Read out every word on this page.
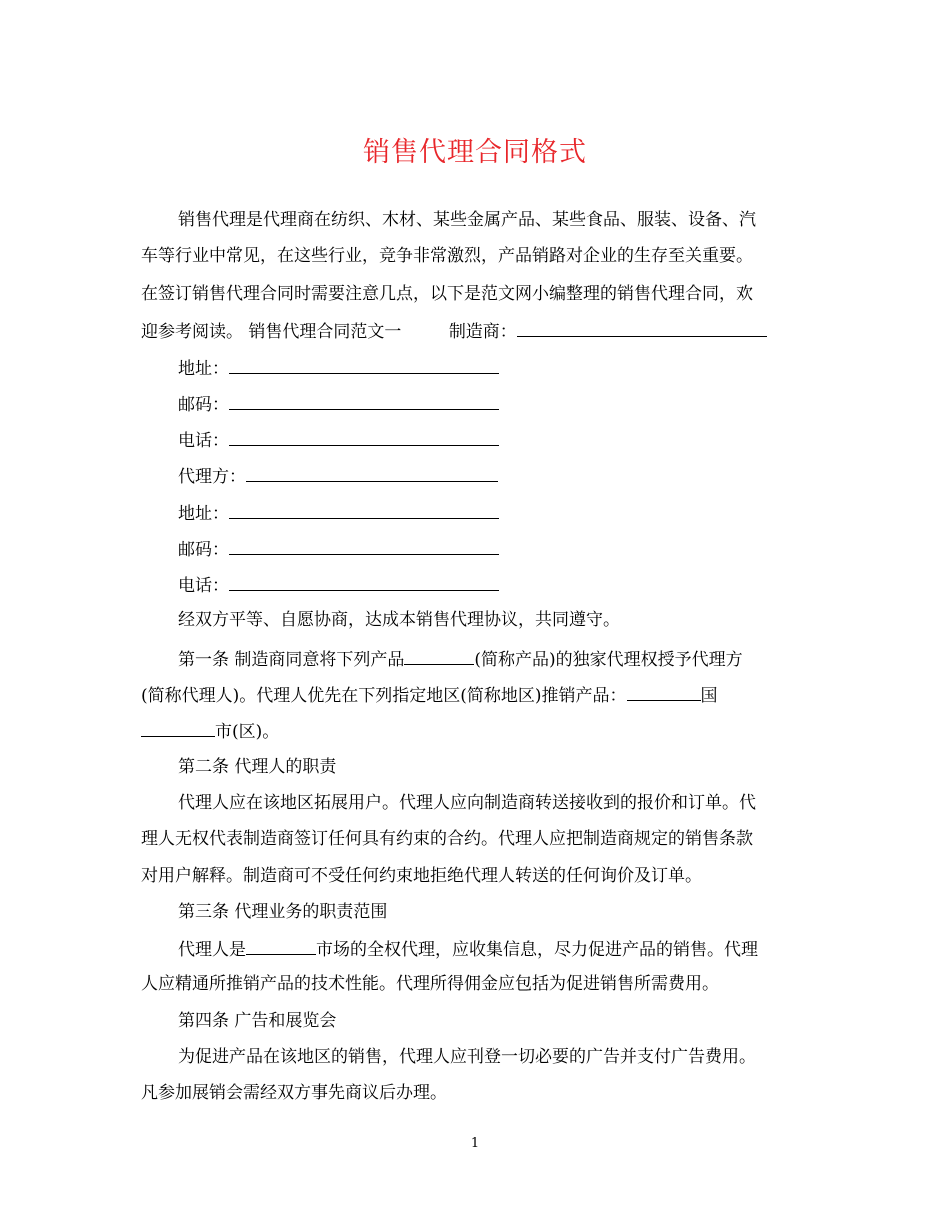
销售代理合同格式
销售代理是代理商在纺织、木材、某些金属产品、某些食品、服装、设备、汽
车等行业中常见，在这些行业，竞争非常激烈，产品销路对企业的生存至关重要。
在签订销售代理合同时需要注意几点，以下是范文网小编整理的销售代理合同，欢
迎参考阅读。 销售代理合同范文一	制造商：
地址：
邮码：
电话：
代理方：
地址：
邮码：
电话：
经双方平等、自愿协商，达成本销售代理协议，共同遵守。
第一条 制造商同意将下列产品	(简称产品)的独家代理权授予代理方
(简称代理人)。代理人优先在下列指定地区(简称地区)推销产品：	国
市(区)。
第二条 代理人的职责
代理人应在该地区拓展用户。代理人应向制造商转送接收到的报价和订单。代
理人无权代表制造商签订任何具有约束的合约。代理人应把制造商规定的销售条款
对用户解释。制造商可不受任何约束地拒绝代理人转送的任何询价及订单。
第三条 代理业务的职责范围
代理人是	市场的全权代理，应收集信息，尽力促进产品的销售。代理
人应精通所推销产品的技术性能。代理所得佣金应包括为促进销售所需费用。
第四条 广告和展览会
为促进产品在该地区的销售，代理人应刊登一切必要的广告并支付广告费用。
凡参加展销会需经双方事先商议后办理。
1
